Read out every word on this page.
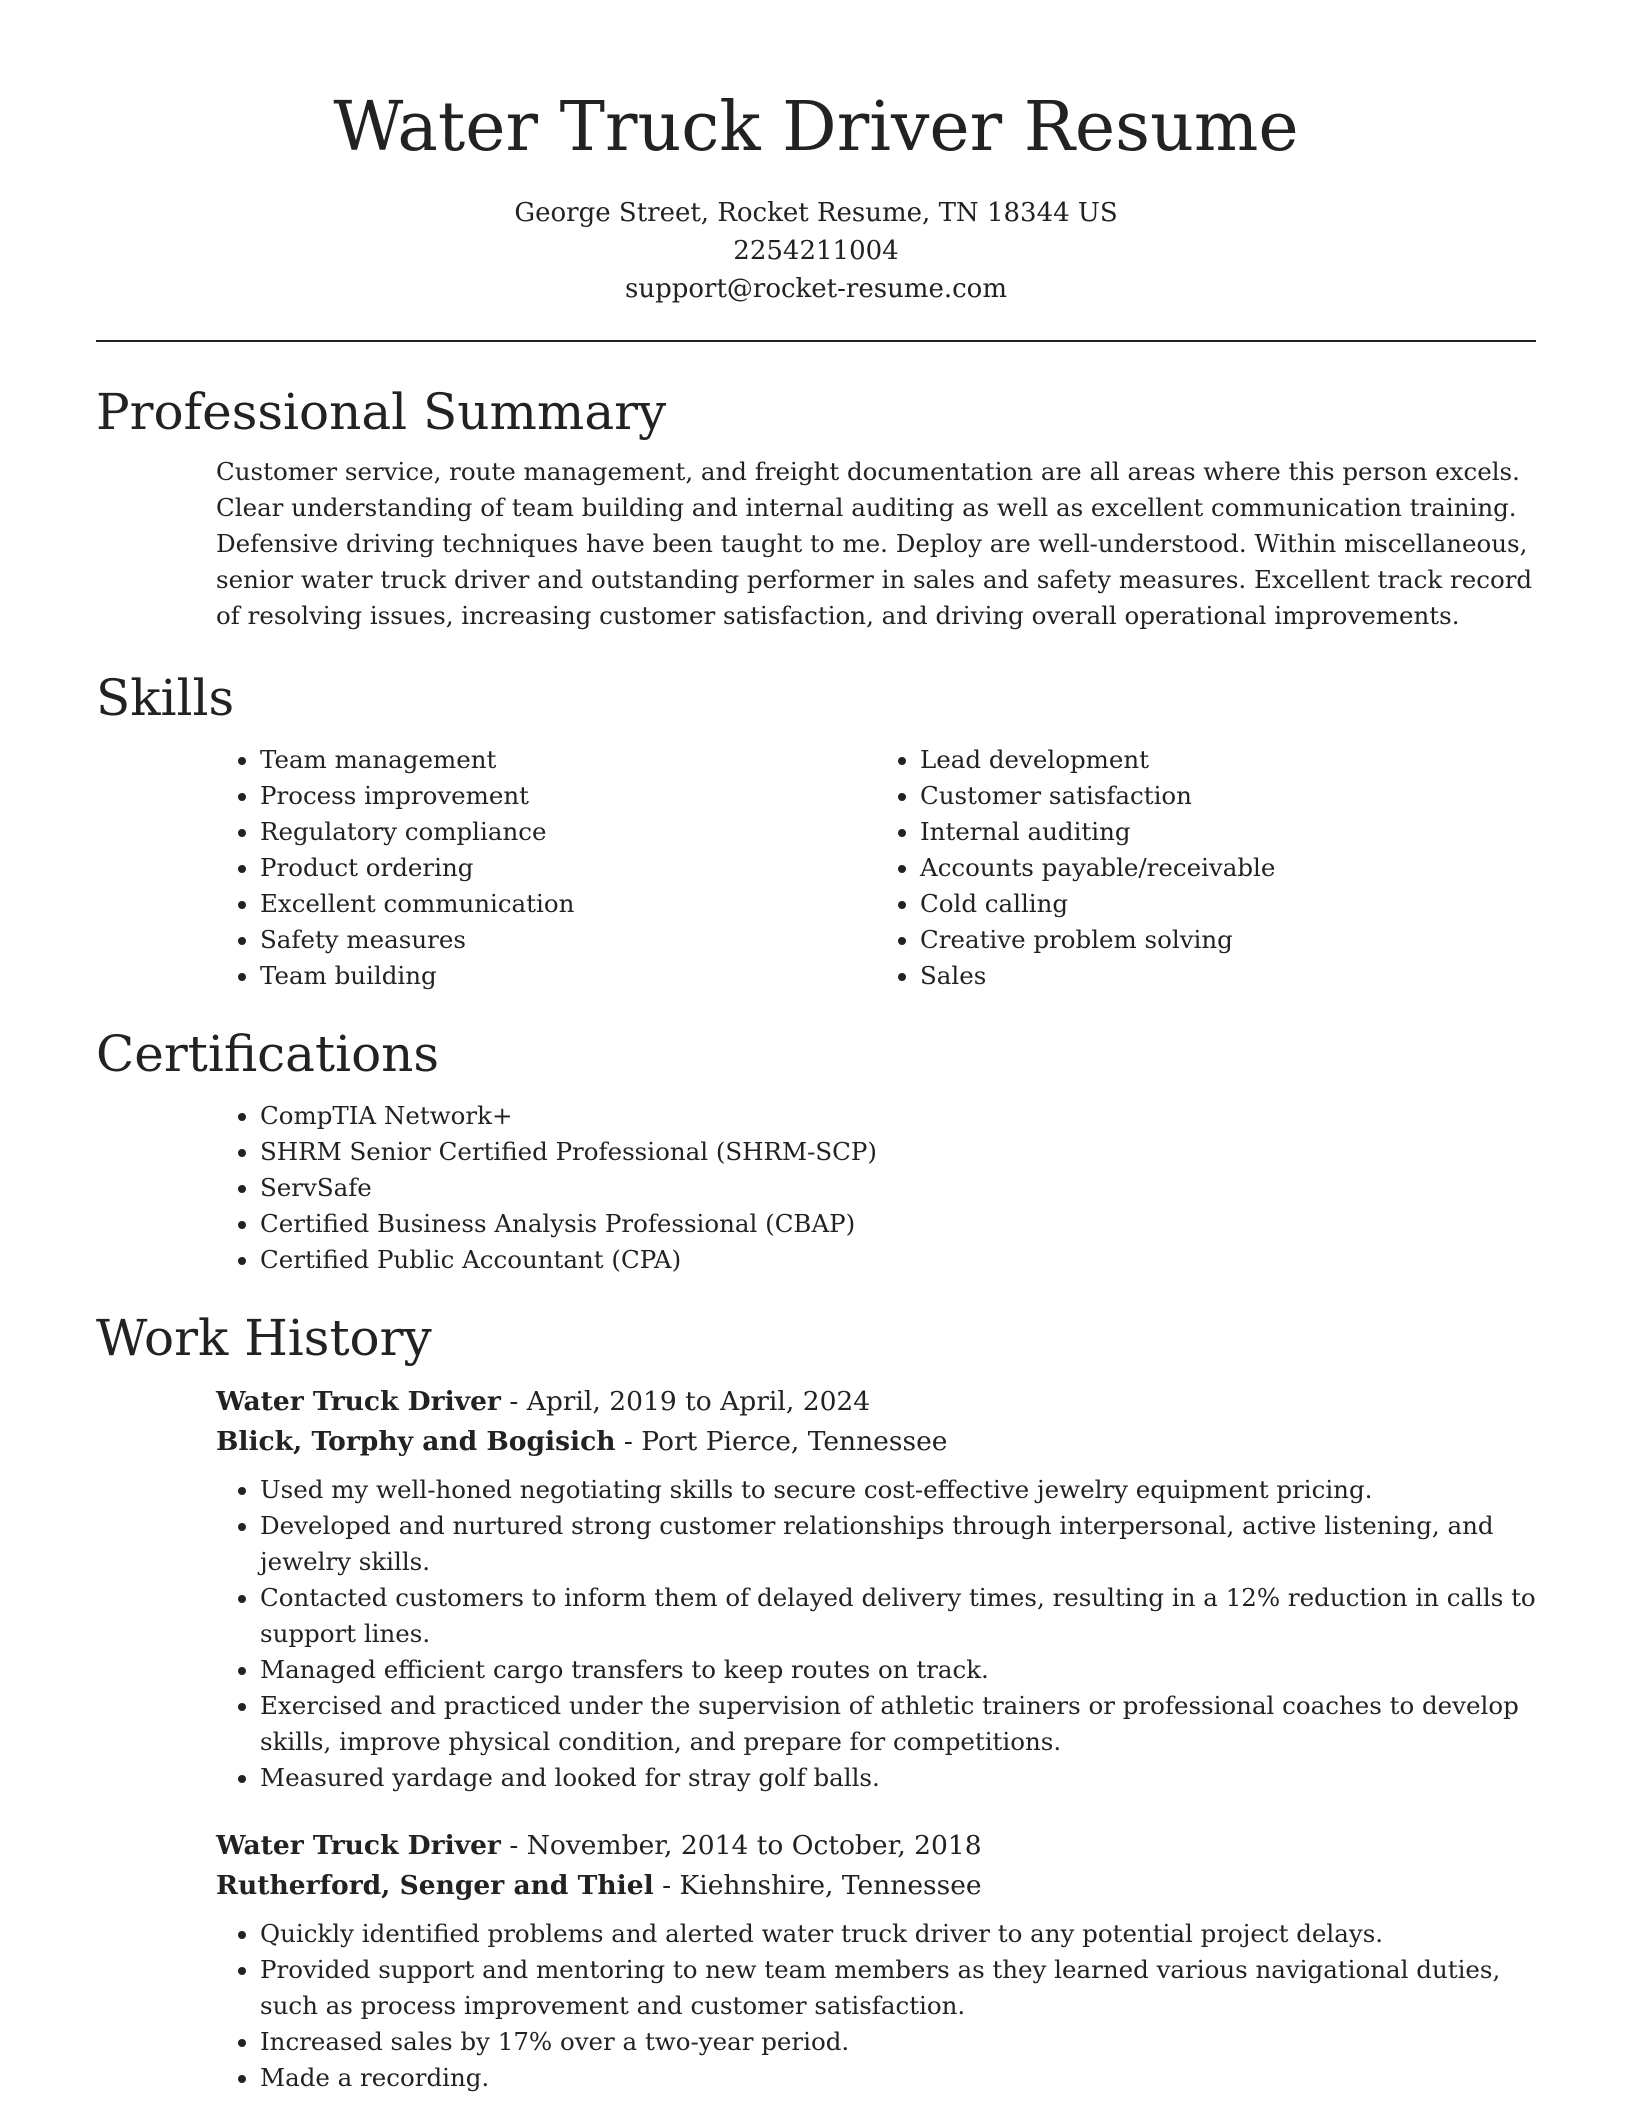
Water Truck Driver Resume
George Street, Rocket Resume, TN 18344 US
2254211004
support@rocket-resume.com
Professional Summary

Customer service, route management, and freight documentation are all areas where this person excels. Clear understanding of team building and internal auditing as well as excellent communication training. Defensive driving techniques have been taught to me. Deploy are well-understood. Within miscellaneous, senior water truck driver and outstanding performer in sales and safety measures. Excellent track record of resolving issues, increasing customer satisfaction, and driving overall operational improvements.

Skills
• Team management
• Process improvement
• Regulatory compliance
• Product ordering
• Excellent communication
• Safety measures
• Team building
• Lead development
• Customer satisfaction
• Internal auditing
• Accounts payable/receivable
• Cold calling
• Creative problem solving
• Sales
Certifications
• CompTIA Network+
• SHRM Senior Certified Professional (SHRM-SCP)
• ServSafe
• Certified Business Analysis Professional (CBAP)
• Certified Public Accountant (CPA)
Work History
Water Truck Driver - April, 2019 to April, 2024
Blick, Torphy and Bogisich - Port Pierce, Tennessee
• Used my well-honed negotiating skills to secure cost-effective jewelry equipment pricing.
• Developed and nurtured strong customer relationships through interpersonal, active listening, and jewelry skills.
• Contacted customers to inform them of delayed delivery times, resulting in a 12% reduction in calls to support lines.
• Managed efficient cargo transfers to keep routes on track.
• Exercised and practiced under the supervision of athletic trainers or professional coaches to develop skills, improve physical condition, and prepare for competitions.
• Measured yardage and looked for stray golf balls.
Water Truck Driver - November, 2014 to October, 2018
Rutherford, Senger and Thiel - Kiehnshire, Tennessee
• Quickly identified problems and alerted water truck driver to any potential project delays.
• Provided support and mentoring to new team members as they learned various navigational duties, such as process improvement and customer satisfaction.
• Increased sales by 17% over a two-year period.
• Made a recording.
